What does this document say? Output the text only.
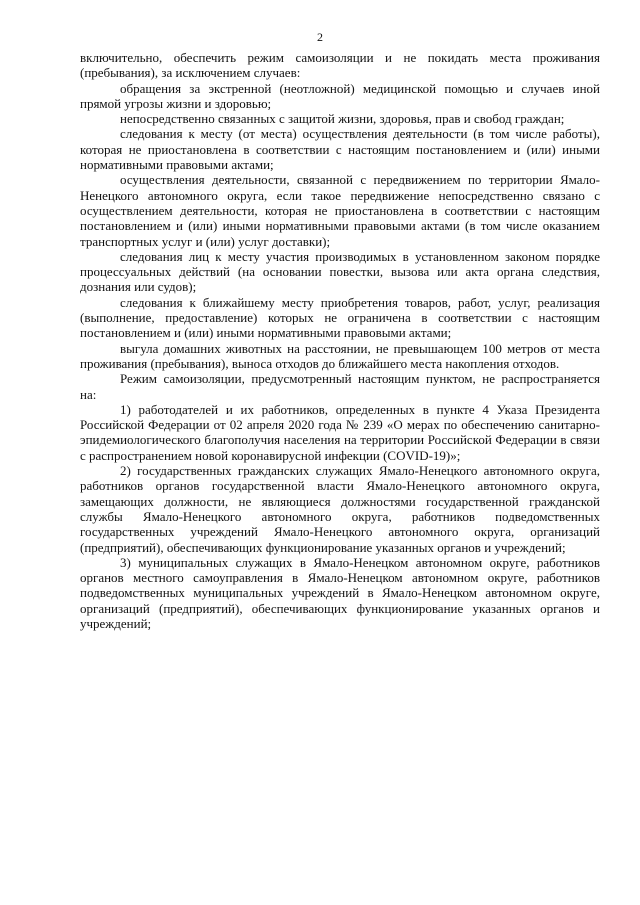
2

включительно, обеспечить режим самоизоляции и не покидать места проживания (пребывания), за исключением случаев:

обращения за экстренной (неотложной) медицинской помощью и случаев иной прямой угрозы жизни и здоровью;

непосредственно связанных с защитой жизни, здоровья, прав и свобод граждан;

следования к месту (от места) осуществления деятельности (в том числе работы), которая не приостановлена в соответствии с настоящим постановлением и (или) иными нормативными правовыми актами;

осуществления деятельности, связанной с передвижением по территории Ямало-Ненецкого автономного округа, если такое передвижение непосредственно связано с осуществлением деятельности, которая не приостановлена в соответствии с настоящим постановлением и (или) иными нормативными правовыми актами (в том числе оказанием транспортных услуг и (или) услуг доставки);

следования лиц к месту участия производимых в установленном законом порядке процессуальных действий (на основании повестки, вызова или акта органа следствия, дознания или судов);

следования к ближайшему месту приобретения товаров, работ, услуг, реализация (выполнение, предоставление) которых не ограничена в соответствии с настоящим постановлением и (или) иными нормативными правовыми актами;

выгула домашних животных на расстоянии, не превышающем 100 метров от места проживания (пребывания), выноса отходов до ближайшего места накопления отходов.

Режим самоизоляции, предусмотренный настоящим пунктом, не распространяется на:

1) работодателей и их работников, определенных в пункте 4 Указа Президента Российской Федерации от 02 апреля 2020 года № 239 «О мерах по обеспечению санитарно-эпидемиологического благополучия населения на территории Российской Федерации в связи с распространением новой коронавирусной инфекции (COVID-19)»;

2) государственных гражданских служащих Ямало-Ненецкого автономного округа, работников органов государственной власти Ямало-Ненецкого автономного округа, замещающих должности, не являющиеся должностями государственной гражданской службы Ямало-Ненецкого автономного округа, работников подведомственных государственных учреждений Ямало-Ненецкого автономного округа, организаций (предприятий), обеспечивающих функционирование указанных органов и учреждений;

3) муниципальных служащих в Ямало-Ненецком автономном округе, работников органов местного самоуправления в Ямало-Ненецком автономном округе, работников подведомственных муниципальных учреждений в Ямало-Ненецком автономном округе, организаций (предприятий), обеспечивающих функционирование указанных органов и учреждений;
